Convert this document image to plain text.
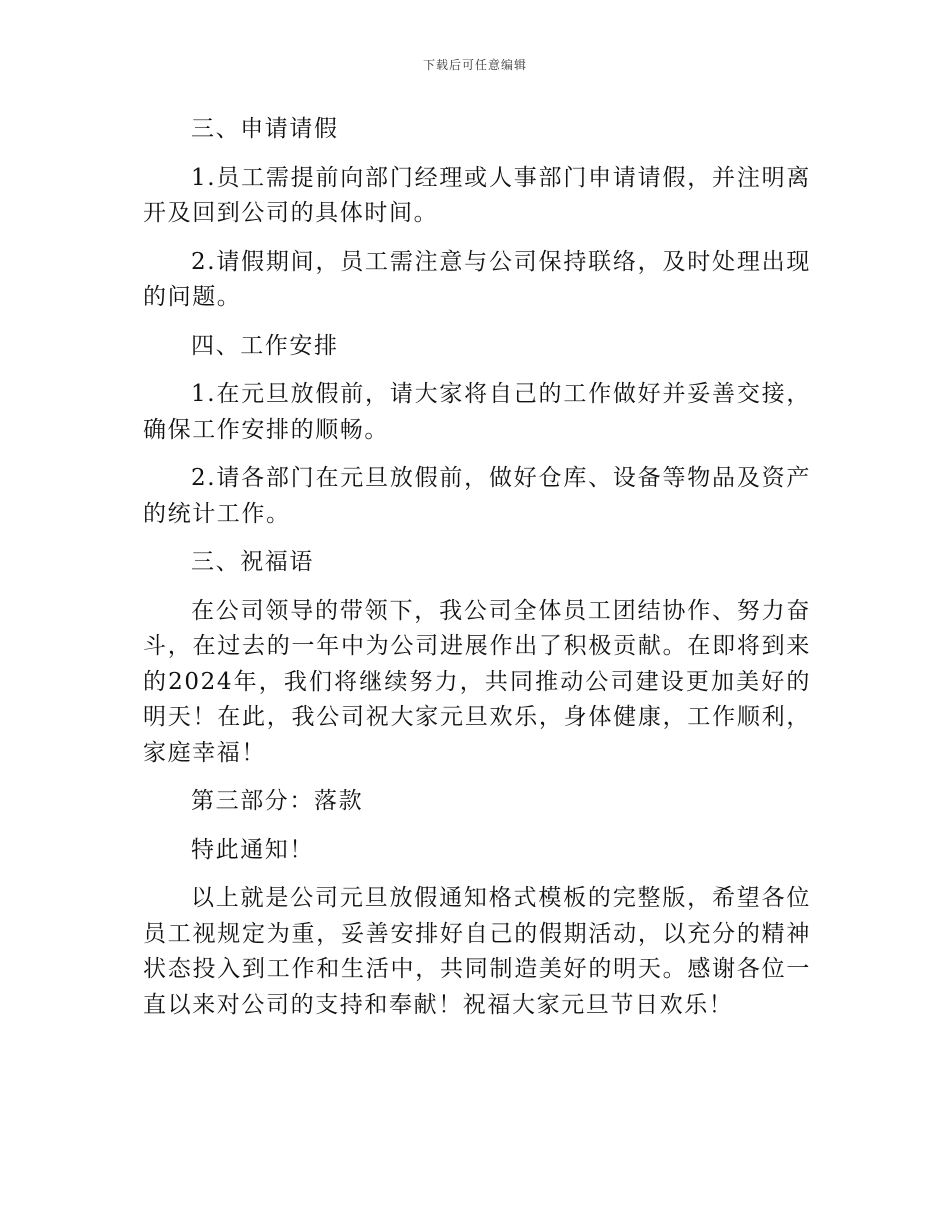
下载后可任意编辑

三、申请请假

1.员工需提前向部门经理或人事部门申请请假，并注明离开及回到公司的具体时间。

2.请假期间，员工需注意与公司保持联络，及时处理出现的问题。

四、工作安排

1.在元旦放假前，请大家将自己的工作做好并妥善交接，确保工作安排的顺畅。

2.请各部门在元旦放假前，做好仓库、设备等物品及资产的统计工作。

三、祝福语

在公司领导的带领下，我公司全体员工团结协作、努力奋斗，在过去的一年中为公司进展作出了积极贡献。在即将到来的2024年，我们将继续努力，共同推动公司建设更加美好的明天！在此，我公司祝大家元旦欢乐，身体健康，工作顺利，家庭幸福！

第三部分：落款

特此通知！

以上就是公司元旦放假通知格式模板的完整版，希望各位员工视规定为重，妥善安排好自己的假期活动，以充分的精神状态投入到工作和生活中，共同制造美好的明天。感谢各位一直以来对公司的支持和奉献！祝福大家元旦节日欢乐！
